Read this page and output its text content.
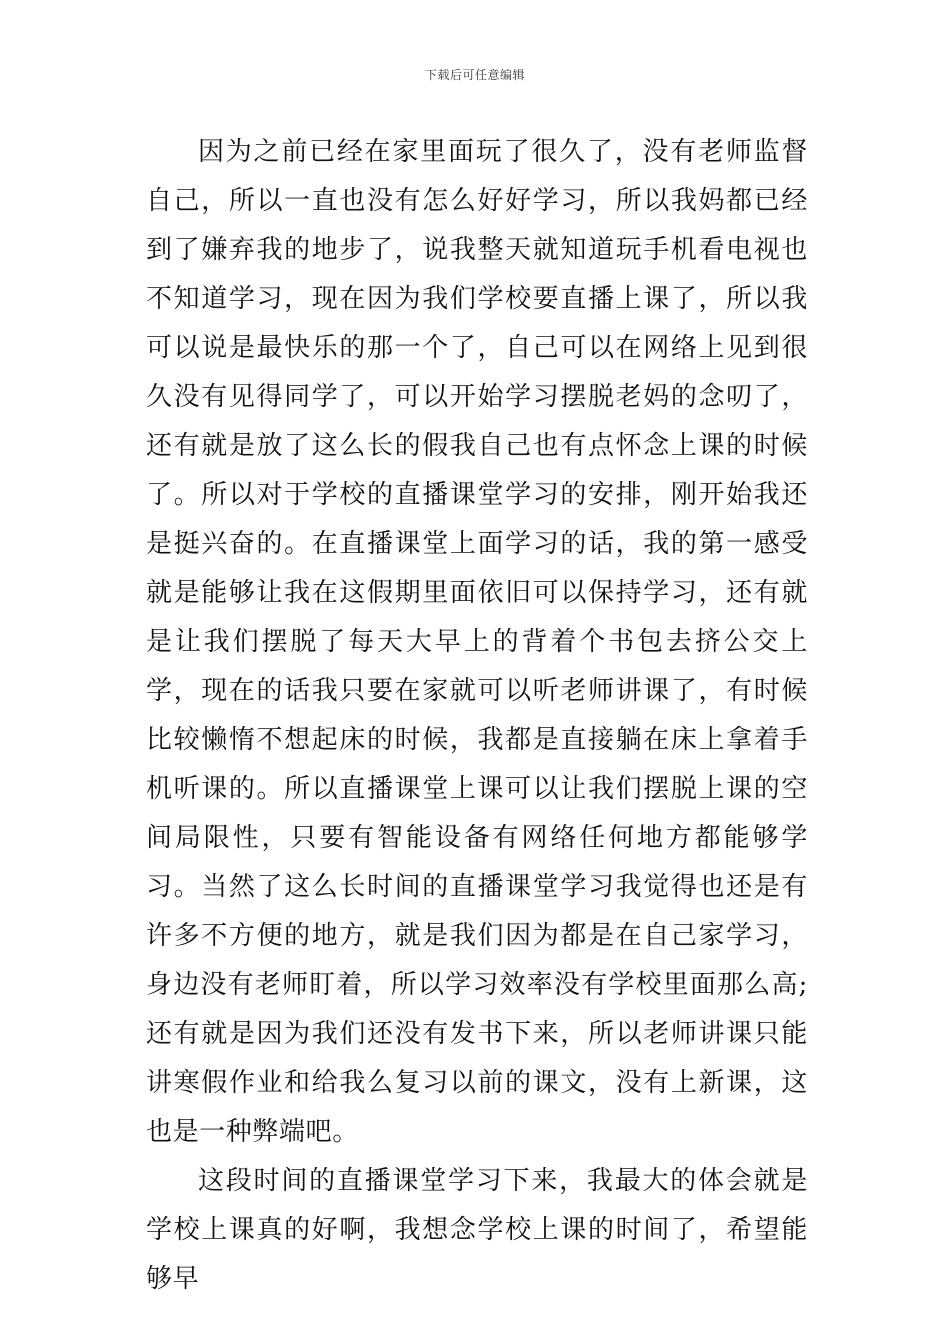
下载后可任意编辑

因为之前已经在家里面玩了很久了，没有老师监督自己，所以一直也没有怎么好好学习，所以我妈都已经到了嫌弃我的地步了，说我整天就知道玩手机看电视也不知道学习，现在因为我们学校要直播上课了，所以我可以说是最快乐的那一个了，自己可以在网络上见到很久没有见得同学了，可以开始学习摆脱老妈的念叨了，还有就是放了这么长的假我自己也有点怀念上课的时候了。所以对于学校的直播课堂学习的安排，刚开始我还是挺兴奋的。在直播课堂上面学习的话，我的第一感受就是能够让我在这假期里面依旧可以保持学习，还有就是让我们摆脱了每天大早上的背着个书包去挤公交上学，现在的话我只要在家就可以听老师讲课了，有时候比较懒惰不想起床的时候，我都是直接躺在床上拿着手机听课的。所以直播课堂上课可以让我们摆脱上课的空间局限性，只要有智能设备有网络任何地方都能够学习。当然了这么长时间的直播课堂学习我觉得也还是有许多不方便的地方，就是我们因为都是在自己家学习，身边没有老师盯着，所以学习效率没有学校里面那么高;还有就是因为我们还没有发书下来，所以老师讲课只能讲寒假作业和给我么复习以前的课文，没有上新课，这也是一种弊端吧。

这段时间的直播课堂学习下来，我最大的体会就是学校上课真的好啊，我想念学校上课的时间了，希望能够早
